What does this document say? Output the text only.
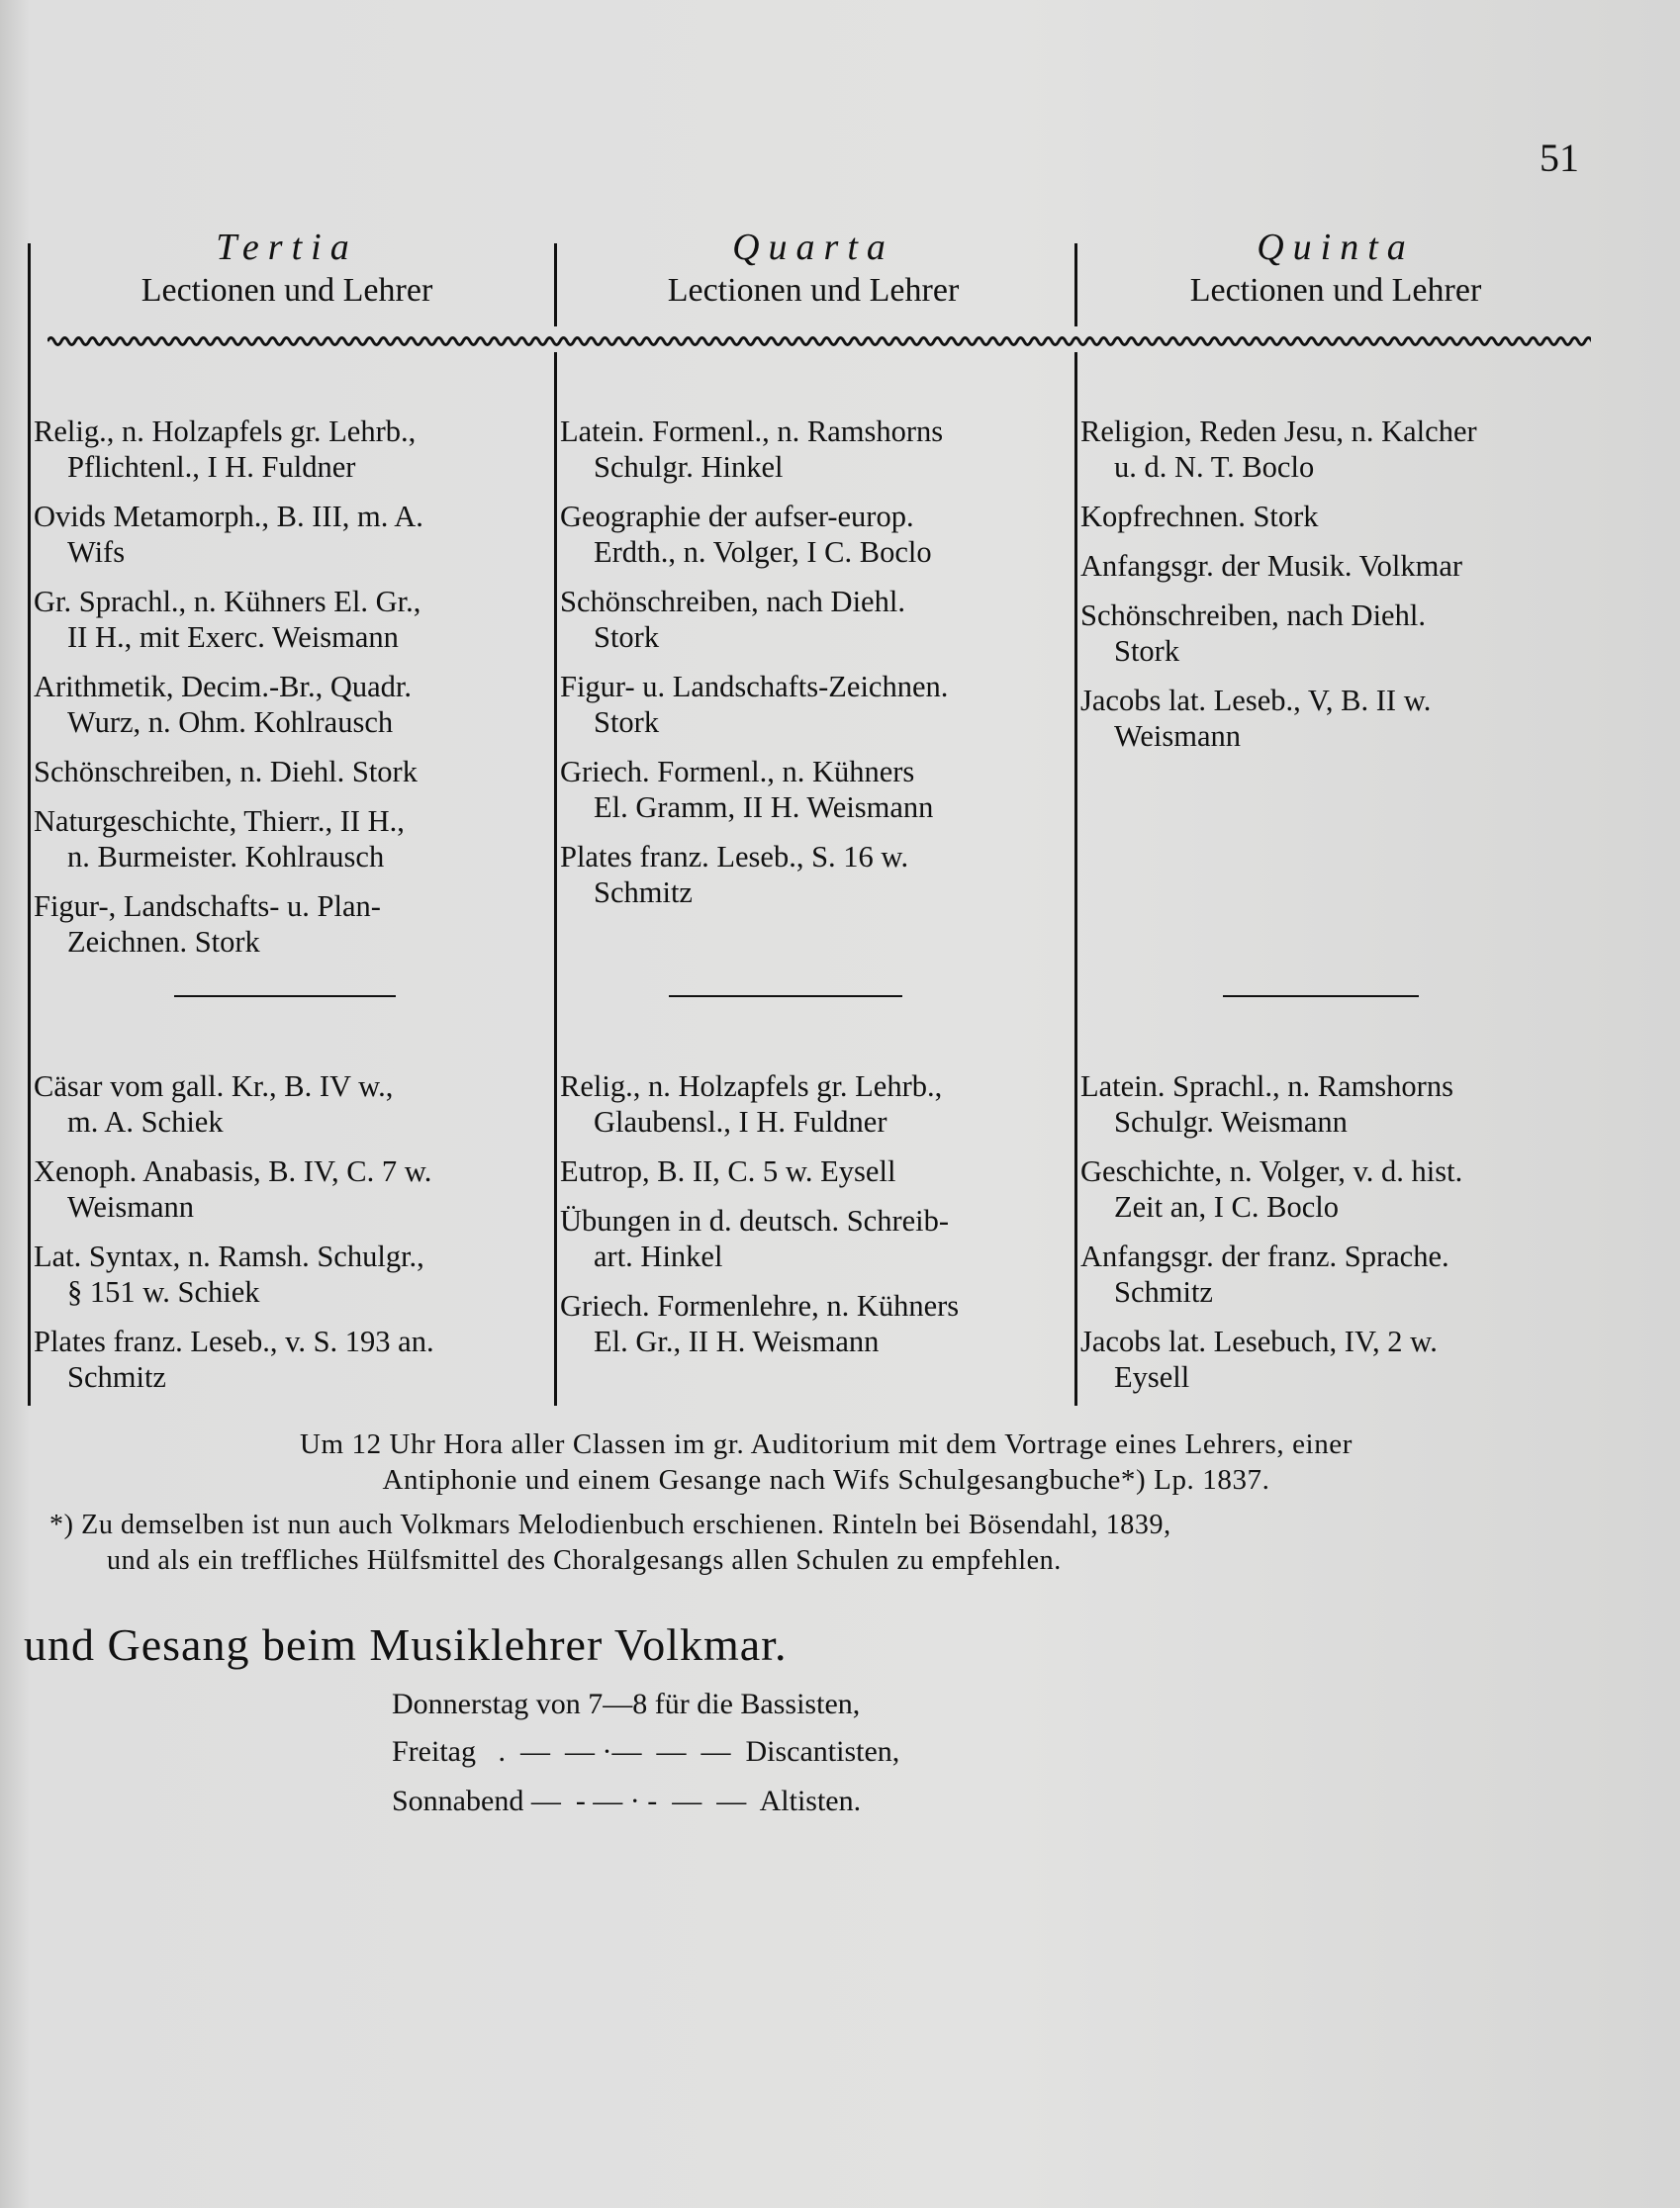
51
Tertia
Lectionen und Lehrer
Quarta
Lectionen und Lehrer
Quinta
Lectionen und Lehrer
Relig., n. Holzapfels gr. Lehrb.,
Pflichtenl., I H. Fuldner
Ovids Metamorph., B. III, m. A.
Wifs
Gr. Sprachl., n. Kühners El. Gr.,
II H., mit Exerc. Weismann
Arithmetik, Decim.-Br., Quadr.
Wurz, n. Ohm. Kohlrausch
Schönschreiben, n. Diehl. Stork
Naturgeschichte, Thierr., II H.,
n. Burmeister. Kohlrausch
Figur-, Landschafts- u. Plan-
Zeichnen. Stork
Latein. Formenl., n. Ramshorns
Schulgr. Hinkel
Geographie der aufser-europ.
Erdth., n. Volger, I C. Boclo
Schönschreiben, nach Diehl.
Stork
Figur- u. Landschafts-Zeichnen.
Stork
Griech. Formenl., n. Kühners
El. Gramm, II H. Weismann
Plates franz. Leseb., S. 16 w.
Schmitz
Religion, Reden Jesu, n. Kalcher
u. d. N. T. Boclo
Kopfrechnen. Stork
Anfangsgr. der Musik. Volkmar
Schönschreiben, nach Diehl.
Stork
Jacobs lat. Leseb., V, B. II w.
Weismann
Cäsar vom gall. Kr., B. IV w.,
m. A. Schiek
Xenoph. Anabasis, B. IV, C. 7 w.
Weismann
Lat. Syntax, n. Ramsh. Schulgr.,
§ 151 w. Schiek
Plates franz. Leseb., v. S. 193 an.
Schmitz
Relig., n. Holzapfels gr. Lehrb.,
Glaubensl., I H. Fuldner
Eutrop, B. II, C. 5 w. Eysell
Übungen in d. deutsch. Schreib-
art. Hinkel
Griech. Formenlehre, n. Kühners
El. Gr., II H. Weismann
Latein. Sprachl., n. Ramshorns
Schulgr. Weismann
Geschichte, n. Volger, v. d. hist.
Zeit an, I C. Boclo
Anfangsgr. der franz. Sprache.
Schmitz
Jacobs lat. Lesebuch, IV, 2 w.
Eysell
Um 12 Uhr Hora aller Classen im gr. Auditorium mit dem Vortrage eines Lehrers, einer
Antiphonie und einem Gesange nach Wifs Schulgesangbuche*) Lp. 1837.
*) Zu demselben ist nun auch Volkmars Melodienbuch erschienen. Rinteln bei Bösendahl, 1839,
und als ein treffliches Hülfsmittel des Choralgesangs allen Schulen zu empfehlen.
und Gesang beim Musiklehrer Volkmar.
Donnerstag von 7—8 für die Bassisten,
Freitag   .  —  — ·—  —  —  Discantisten,
Sonnabend —  - — · -  —  —  Altisten.
